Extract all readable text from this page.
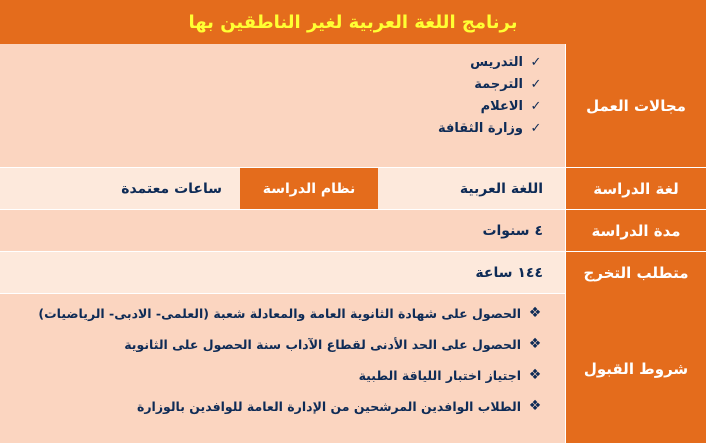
برنامج اللغة العربية لغير الناطقين بها
مجالات العمل
✓
التدريس
✓
الترجمة
✓
الاعلام
✓
وزارة الثقافة
لغة الدراسة
اللغة العربية
نظام الدراسة
ساعات معتمدة
مدة الدراسة
٤ سنوات
متطلب التخرج
١٤٤ ساعة
شروط القبول
❖
الحصول على شهادة الثانوية العامة والمعادلة شعبة (العلمى- الادبى- الرياضيات)
❖
الحصول على الحد الأدنى لقطاع الآداب سنة الحصول على الثانوية
❖
اجتياز اختبار اللياقة الطبية
❖
الطلاب الوافدين المرشحين من الإدارة العامة للوافدين بالوزارة
